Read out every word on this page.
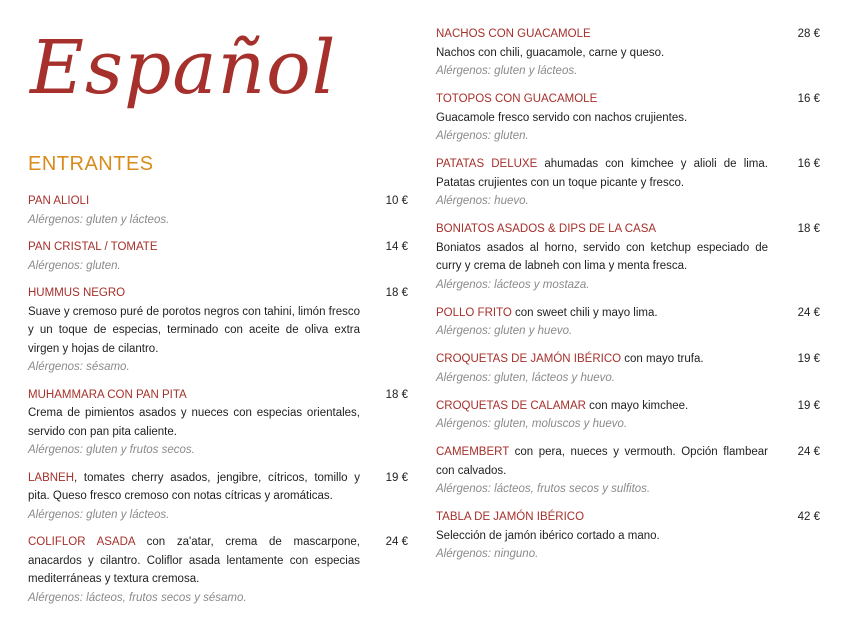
Español
ENTRANTES
10 €
PAN ALIOLI
Alérgenos: gluten y lácteos.
14 €
PAN CRISTAL / TOMATE
Alérgenos: gluten.
18 €
HUMMUS NEGRO
Suave y cremoso puré de porotos negros con tahini, limón fresco y un toque de especias, terminado con aceite de oliva extra virgen y hojas de cilantro.
Alérgenos: sésamo.
18 €
MUHAMMARA CON PAN PITA
Crema de pimientos asados y nueces con especias orientales, servido con pan pita caliente.
Alérgenos: gluten y frutos secos.
19 €
LABNEH, tomates cherry asados, jengibre, cítricos, tomillo y pita. Queso fresco cremoso con notas cítricas y aromáticas.
Alérgenos: gluten y lácteos.
24 €
COLIFLOR ASADA con za'atar, crema de mascarpone, anacardos y cilantro. Coliflor asada lentamente con especias mediterráneas y textura cremosa.
Alérgenos: lácteos, frutos secos y sésamo.
28 €
NACHOS CON GUACAMOLE
Nachos con chili, guacamole, carne y queso.
Alérgenos: gluten y lácteos.
16 €
TOTOPOS CON GUACAMOLE
Guacamole fresco servido con nachos crujientes.
Alérgenos: gluten.
16 €
PATATAS DELUXE ahumadas con kimchee y alioli de lima. Patatas crujientes con un toque picante y fresco.
Alérgenos: huevo.
18 €
BONIATOS ASADOS & DIPS DE LA CASA
Boniatos asados al horno, servido con ketchup especiado de curry y crema de labneh con lima y menta fresca.
Alérgenos: lácteos y mostaza.
24 €
POLLO FRITO con sweet chili y mayo lima.
Alérgenos: gluten y huevo.
19 €
CROQUETAS DE JAMÓN IBÉRICO con mayo trufa.
Alérgenos: gluten, lácteos y huevo.
19 €
CROQUETAS DE CALAMAR con mayo kimchee.
Alérgenos: gluten, moluscos y huevo.
24 €
CAMEMBERT con pera, nueces y vermouth. Opción flambear con calvados.
Alérgenos: lácteos, frutos secos y sulfitos.
42 €
TABLA DE JAMÓN IBÉRICO
Selección de jamón ibérico cortado a mano.
Alérgenos: ninguno.
